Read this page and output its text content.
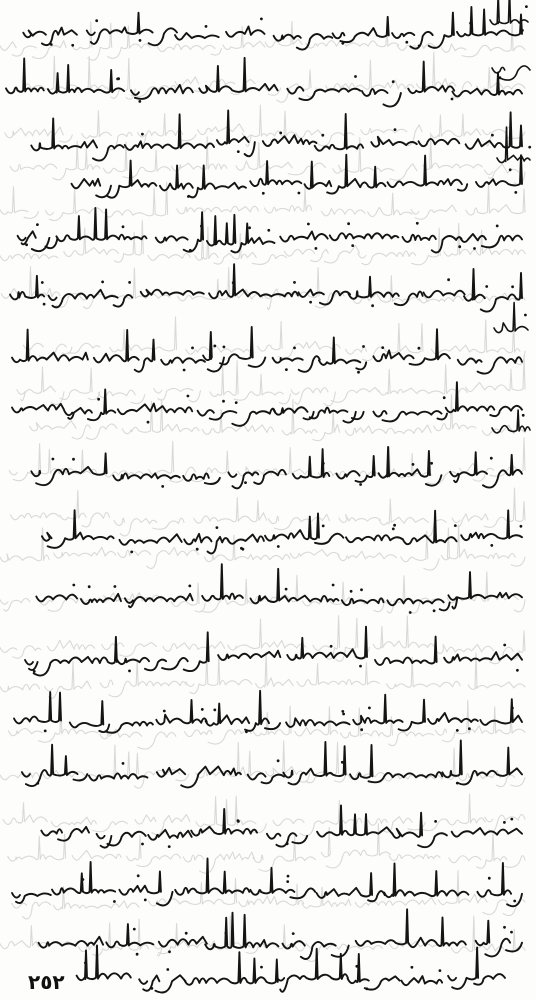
٢٥٢
